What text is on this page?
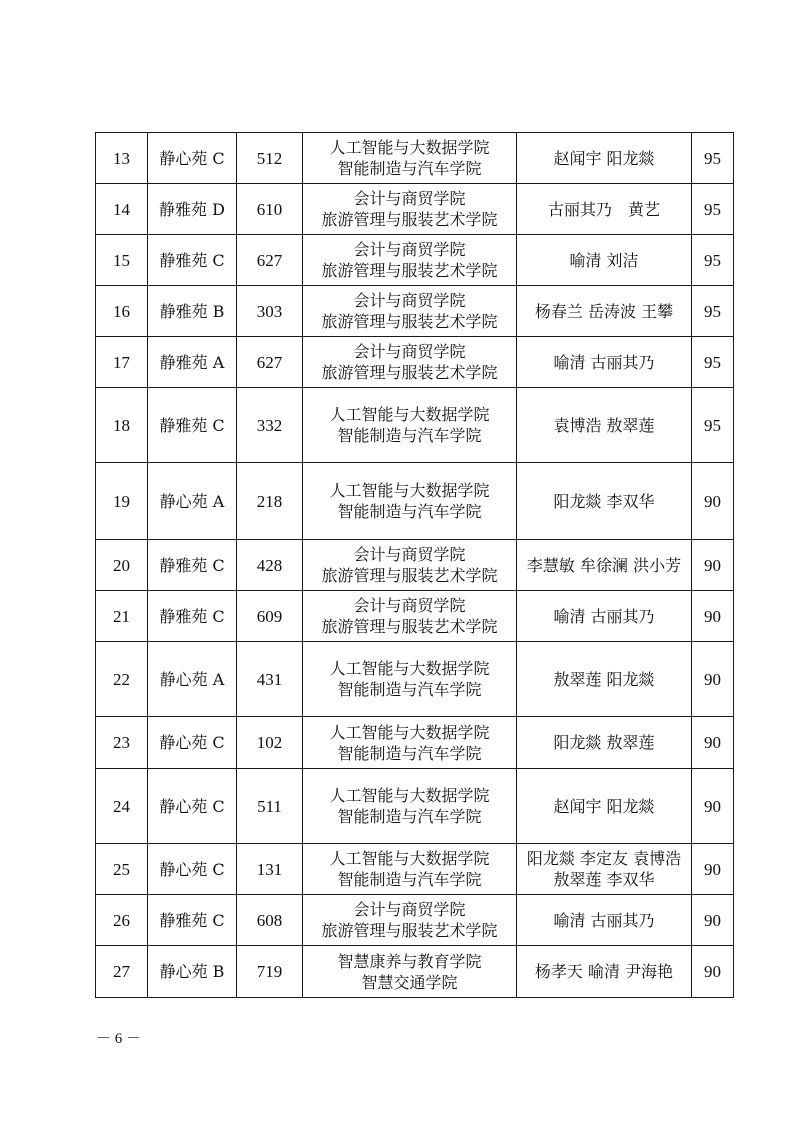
13	静心苑 C	512	人工智能与大数据学院
智能制造与汽车学院	赵闻宇 阳龙燚	95
14	静雅苑 D	610	会计与商贸学院
旅游管理与服装艺术学院	古丽其乃　黄艺	95
15	静雅苑 C	627	会计与商贸学院
旅游管理与服装艺术学院	喻清 刘洁	95
16	静雅苑 B	303	会计与商贸学院
旅游管理与服装艺术学院	杨春兰 岳涛波 王攀	95
17	静雅苑 A	627	会计与商贸学院
旅游管理与服装艺术学院	喻清 古丽其乃	95
18	静雅苑 C	332	人工智能与大数据学院
智能制造与汽车学院	袁博浩 敖翠莲	95
19	静心苑 A	218	人工智能与大数据学院
智能制造与汽车学院	阳龙燚 李双华	90
20	静雅苑 C	428	会计与商贸学院
旅游管理与服装艺术学院	李慧敏 牟徐澜 洪小芳	90
21	静雅苑 C	609	会计与商贸学院
旅游管理与服装艺术学院	喻清 古丽其乃	90
22	静心苑 A	431	人工智能与大数据学院
智能制造与汽车学院	敖翠莲 阳龙燚	90
23	静心苑 C	102	人工智能与大数据学院
智能制造与汽车学院	阳龙燚 敖翠莲	90
24	静心苑 C	511	人工智能与大数据学院
智能制造与汽车学院	赵闻宇 阳龙燚	90
25	静心苑 C	131	人工智能与大数据学院
智能制造与汽车学院	阳龙燚 李定友 袁博浩 敖翠莲 李双华	90
26	静雅苑 C	608	会计与商贸学院
旅游管理与服装艺术学院	喻清 古丽其乃	90
27	静心苑 B	719	智慧康养与教育学院
智慧交通学院	杨孝天 喻清 尹海艳	90
－ 6 －
